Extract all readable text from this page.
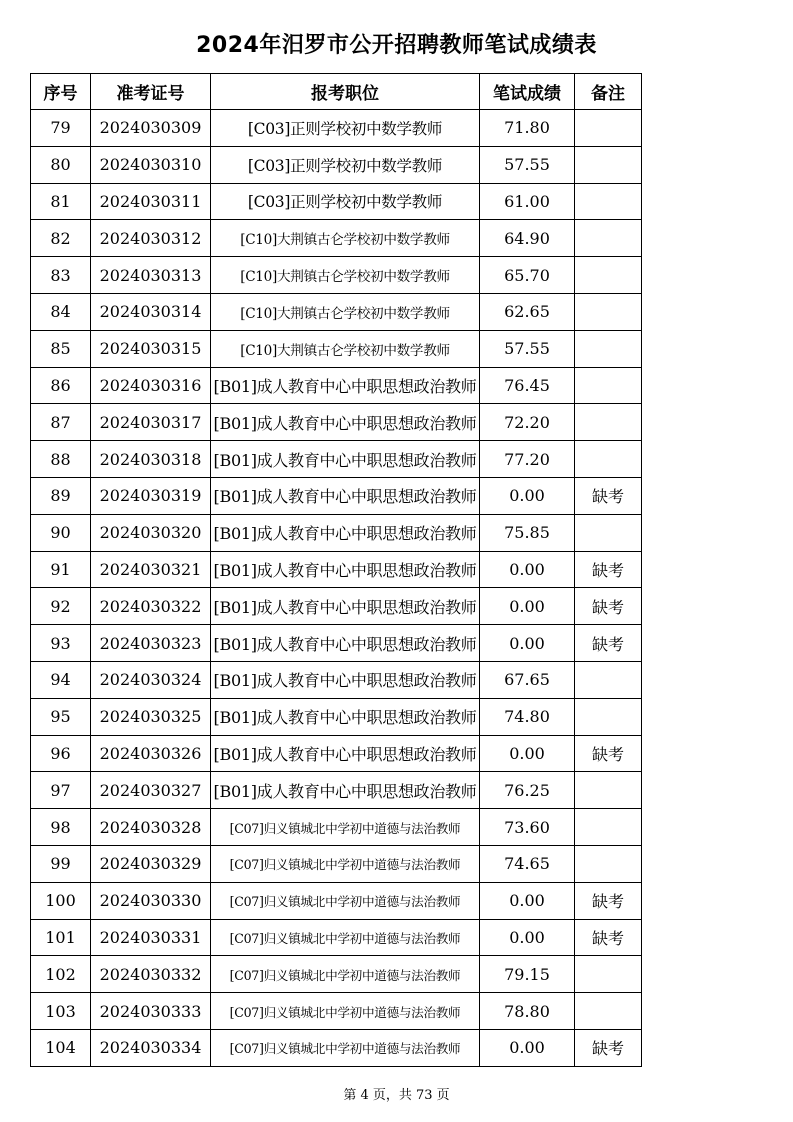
2024年汨罗市公开招聘教师笔试成绩表
序号	准考证号	报考职位	笔试成绩	备注
79	2024030309	[C03]正则学校初中数学教师	71.80	
80	2024030310	[C03]正则学校初中数学教师	57.55	
81	2024030311	[C03]正则学校初中数学教师	61.00	
82	2024030312	[C10]大荆镇古仑学校初中数学教师	64.90	
83	2024030313	[C10]大荆镇古仑学校初中数学教师	65.70	
84	2024030314	[C10]大荆镇古仑学校初中数学教师	62.65	
85	2024030315	[C10]大荆镇古仑学校初中数学教师	57.55	
86	2024030316	[B01]成人教育中心中职思想政治教师	76.45	
87	2024030317	[B01]成人教育中心中职思想政治教师	72.20	
88	2024030318	[B01]成人教育中心中职思想政治教师	77.20	
89	2024030319	[B01]成人教育中心中职思想政治教师	0.00	缺考
90	2024030320	[B01]成人教育中心中职思想政治教师	75.85	
91	2024030321	[B01]成人教育中心中职思想政治教师	0.00	缺考
92	2024030322	[B01]成人教育中心中职思想政治教师	0.00	缺考
93	2024030323	[B01]成人教育中心中职思想政治教师	0.00	缺考
94	2024030324	[B01]成人教育中心中职思想政治教师	67.65	
95	2024030325	[B01]成人教育中心中职思想政治教师	74.80	
96	2024030326	[B01]成人教育中心中职思想政治教师	0.00	缺考
97	2024030327	[B01]成人教育中心中职思想政治教师	76.25	
98	2024030328	[C07]归义镇城北中学初中道德与法治教师	73.60	
99	2024030329	[C07]归义镇城北中学初中道德与法治教师	74.65	
100	2024030330	[C07]归义镇城北中学初中道德与法治教师	0.00	缺考
101	2024030331	[C07]归义镇城北中学初中道德与法治教师	0.00	缺考
102	2024030332	[C07]归义镇城北中学初中道德与法治教师	79.15	
103	2024030333	[C07]归义镇城北中学初中道德与法治教师	78.80	
104	2024030334	[C07]归义镇城北中学初中道德与法治教师	0.00	缺考
第 4 页，共 73 页
